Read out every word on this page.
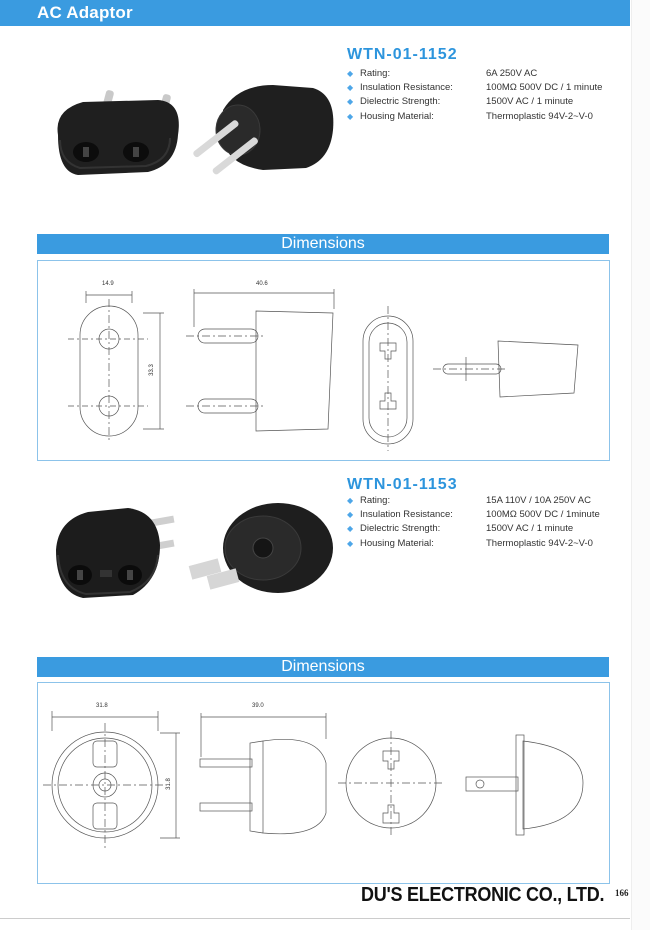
AC Adaptor
WTN-01-1152
◆ Rating:	6A 250V AC
◆ Insulation Resistance:	100MΩ 500V DC / 1 minute
◆ Dielectric Strength:	1500V AC / 1 minute
◆ Housing Material:	Thermoplastic 94V-2~V-0
Dimensions
14.9	40.6
33.3
WTN-01-1153
◆ Rating:	15A 110V / 10A 250V AC
◆ Insulation Resistance:	100MΩ 500V DC / 1minute
◆ Dielectric Strength:	1500V AC / 1 minute
◆ Housing Material:	Thermoplastic 94V-2~V-0
Dimensions
31.8	39.0
31.8
DU'S ELECTRONIC CO., LTD. 166
